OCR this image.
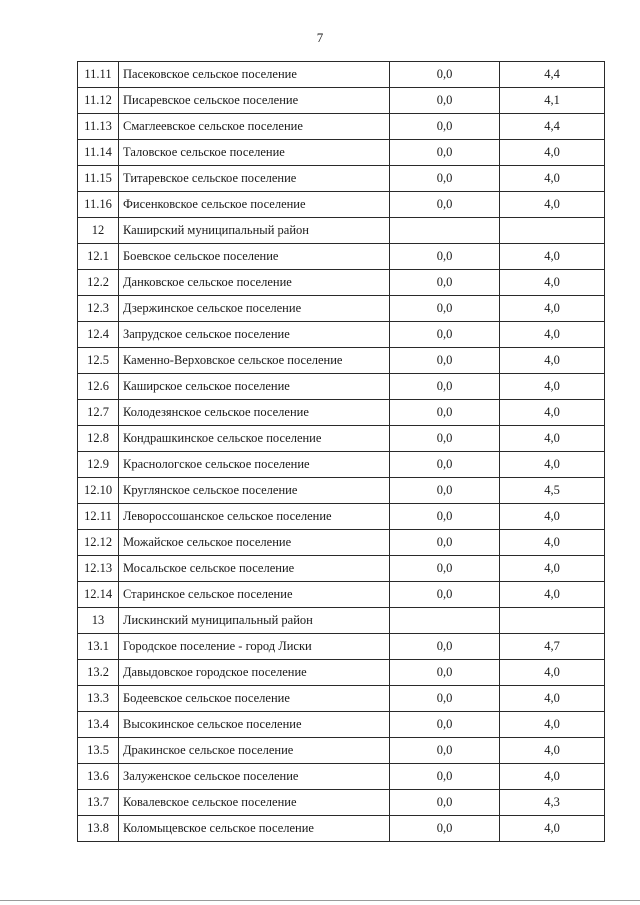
7
11.11	Пасековское сельское поселение	0,0	4,4
11.12	Писаревское сельское поселение	0,0	4,1
11.13	Смаглеевское сельское поселение	0,0	4,4
11.14	Таловское сельское поселение	0,0	4,0
11.15	Титаревское сельское поселение	0,0	4,0
11.16	Фисенковское сельское поселение	0,0	4,0
12	Каширский муниципальный район		
12.1	Боевское сельское поселение	0,0	4,0
12.2	Данковское сельское поселение	0,0	4,0
12.3	Дзержинское сельское поселение	0,0	4,0
12.4	Запрудское сельское поселение	0,0	4,0
12.5	Каменно-Верховское сельское поселение	0,0	4,0
12.6	Каширское сельское поселение	0,0	4,0
12.7	Колодезянское сельское поселение	0,0	4,0
12.8	Кондрашкинское сельское поселение	0,0	4,0
12.9	Краснологское сельское поселение	0,0	4,0
12.10	Круглянское сельское поселение	0,0	4,5
12.11	Левороссошанское сельское поселение	0,0	4,0
12.12	Можайское сельское поселение	0,0	4,0
12.13	Мосальское сельское поселение	0,0	4,0
12.14	Старинское сельское поселение	0,0	4,0
13	Лискинский муниципальный район		
13.1	Городское поселение - город Лиски	0,0	4,7
13.2	Давыдовское городское поселение	0,0	4,0
13.3	Бодеевское сельское поселение	0,0	4,0
13.4	Высокинское сельское поселение	0,0	4,0
13.5	Дракинское сельское поселение	0,0	4,0
13.6	Залуженское сельское поселение	0,0	4,0
13.7	Ковалевское сельское поселение	0,0	4,3
13.8	Коломыцевское сельское поселение	0,0	4,0
